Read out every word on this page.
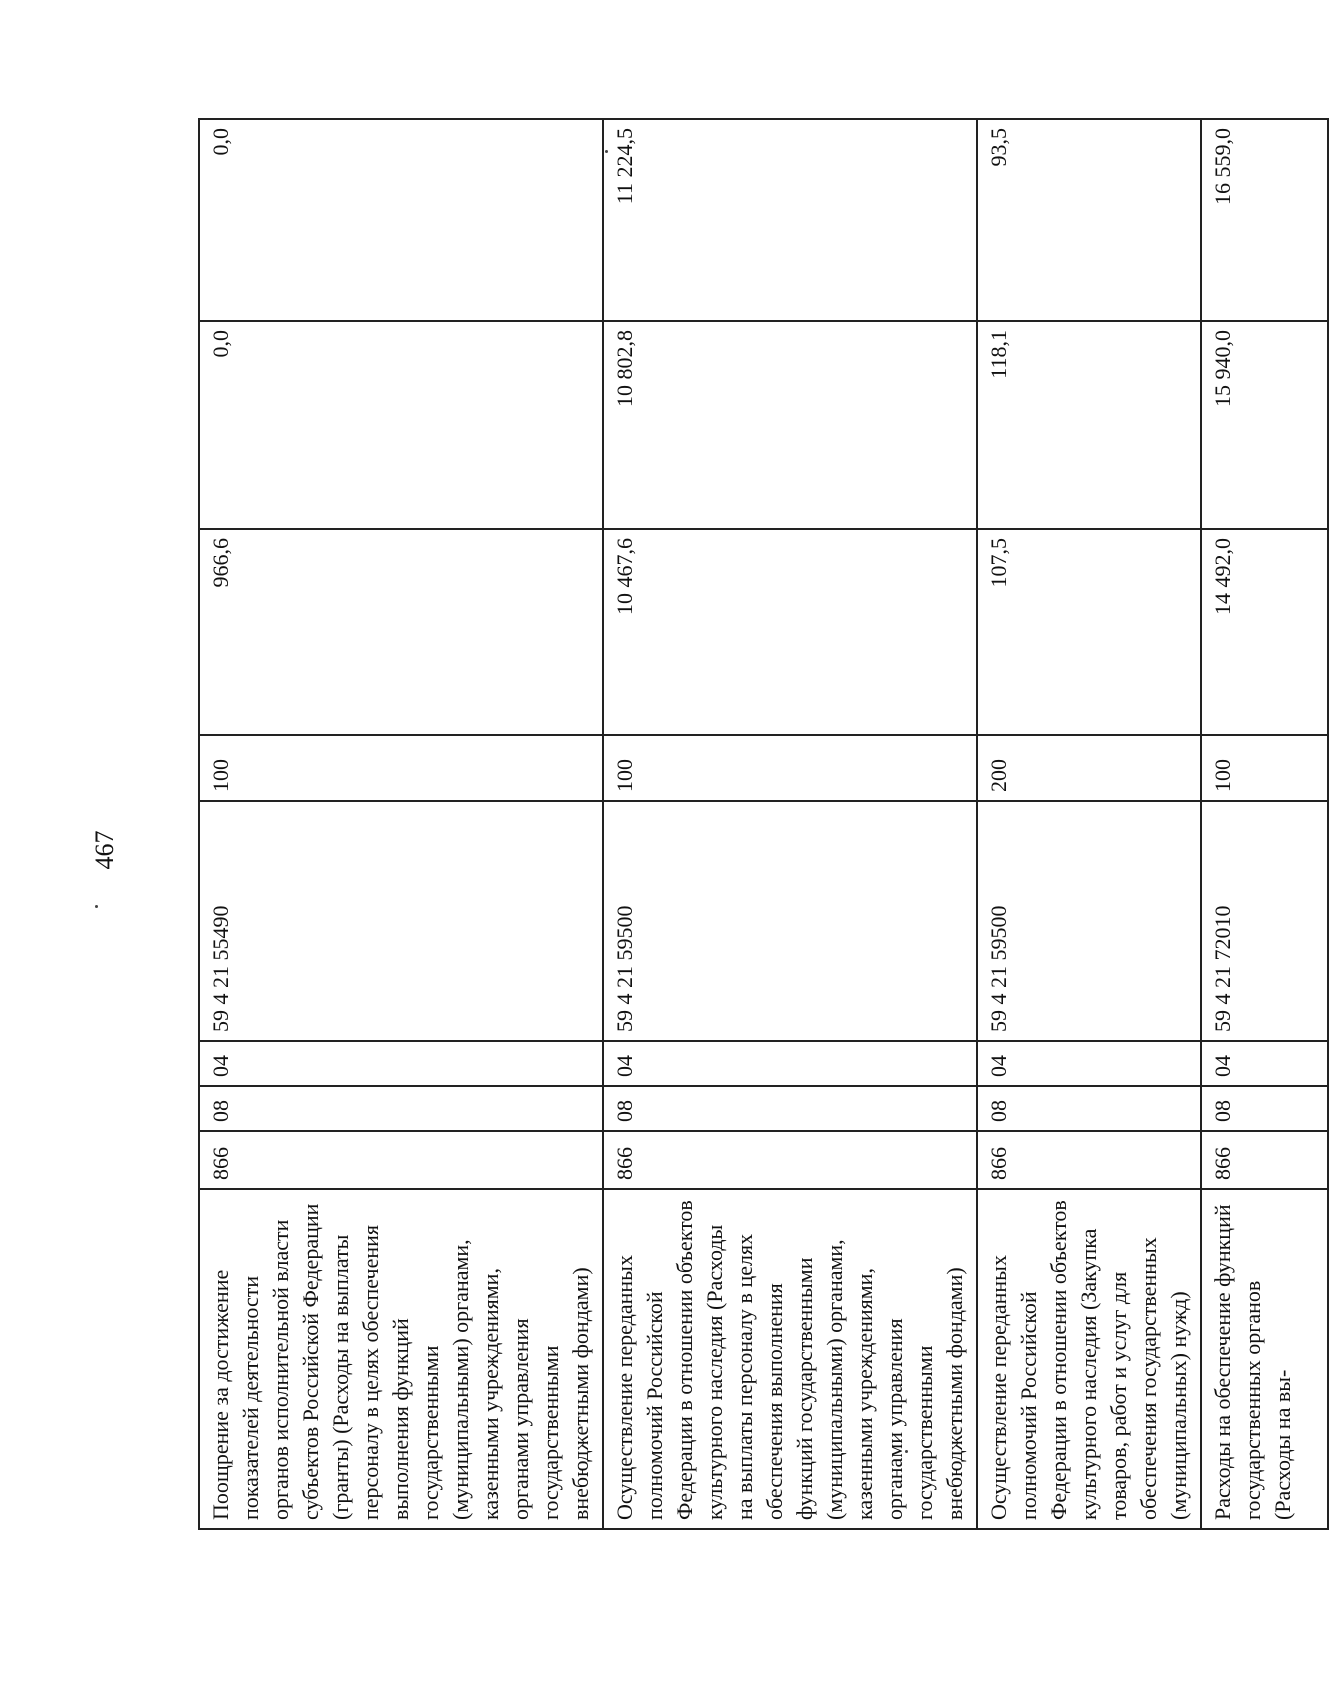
467
Поощрение за достижение показателей деятельности органов исполнительной власти субъектов Российской Федерации (гранты) (Расходы на выплаты персоналу в целях обеспечения выполнения функций государственными (муниципальными) органами, казенными учреждениями, органами управления государственными внебюджетными фондами)	866	08	04	59 4 21 55490	100	966,6	0,0	0,0
Осуществление переданных полномочий Российской Федерации в отношении объектов культурного наследия (Расходы на выплаты персоналу в целях обеспечения выполнения функций государственными (муниципальными) органами, казенными учреждениями, органами управления государственными внебюджетными фондами)	866	08	04	59 4 21 59500	100	10 467,6	10 802,8	11 224,5
Осуществление переданных полномочий Российской Федерации в отношении объектов культурного наследия (Закупка товаров, работ и услуг для обеспечения государственных (муниципальных) нужд)	866	08	04	59 4 21 59500	200	107,5	118,1	93,5
Расходы на обеспечение функций государственных органов (Расходы на вы-	866	08	04	59 4 21 72010	100	14 492,0	15 940,0	16 559,0
